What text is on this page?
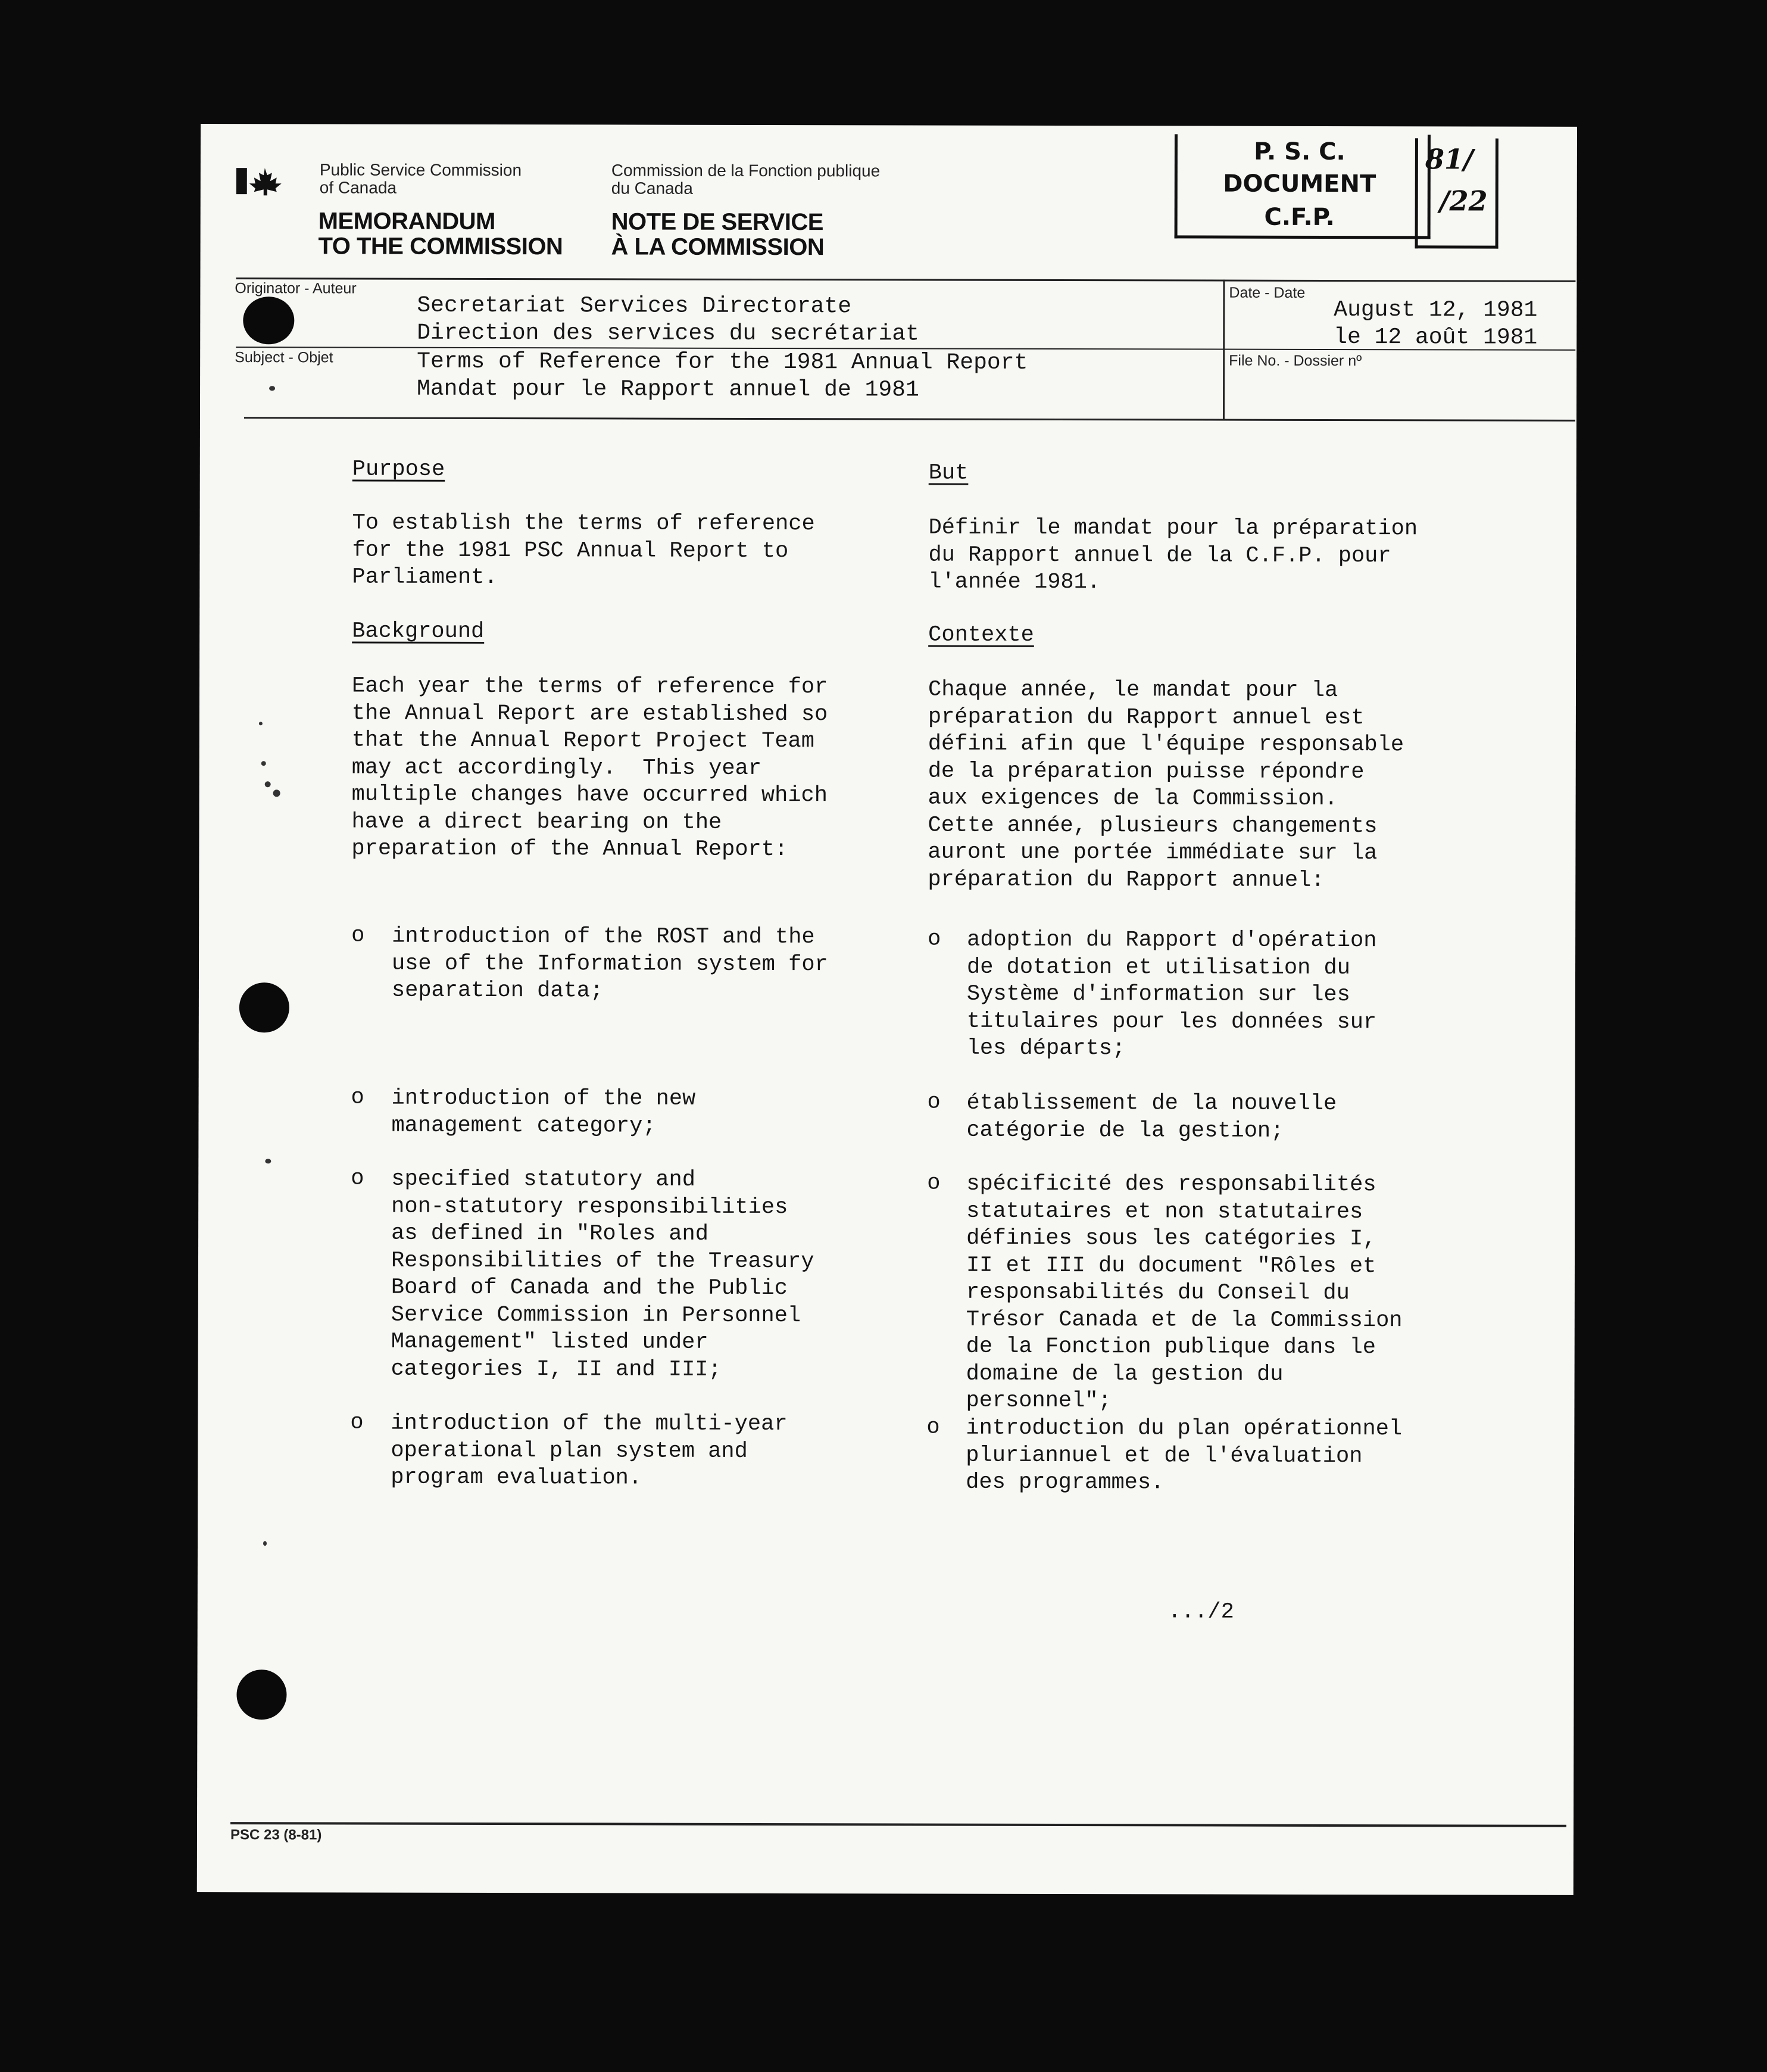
Public Service Commission
of Canada
Commission de la Fonction publique
du Canada
MEMORANDUM
TO THE COMMISSION
NOTE DE SERVICE
À LA COMMISSION
P. S. C.
DOCUMENT
C.F.P.
81/
/22
Originator - Auteur
Subject - Objet
Date - Date
File No. - Dossier nº
Secretariat Services Directorate
Direction des services du secrétariat
Terms of Reference for the 1981 Annual Report
Mandat pour le Rapport annuel de 1981
August 12, 1981
le 12 août 1981
Purpose
To establish the terms of reference
for the 1981 PSC Annual Report to
Parliament.
Background
Each year the terms of reference for
the Annual Report are established so
that the Annual Report Project Team
may act accordingly.  This year
multiple changes have occurred which
have a direct bearing on the
preparation of the Annual Report:
o introduction of the ROST and the
use of the Information system for
separation data;
o introduction of the new
management category;
o specified statutory and
non-statutory responsibilities
as defined in "Roles and
Responsibilities of the Treasury
Board of Canada and the Public
Service Commission in Personnel
Management" listed under
categories I, II and III;
o introduction of the multi-year
operational plan system and
program evaluation.
But
Définir le mandat pour la préparation
du Rapport annuel de la C.F.P. pour
l'année 1981.
Contexte
Chaque année, le mandat pour la
préparation du Rapport annuel est
défini afin que l'équipe responsable
de la préparation puisse répondre
aux exigences de la Commission.
Cette année, plusieurs changements
auront une portée immédiate sur la
préparation du Rapport annuel:
o adoption du Rapport d'opération
de dotation et utilisation du
Système d'information sur les
titulaires pour les données sur
les départs;
o établissement de la nouvelle
catégorie de la gestion;
o spécificité des responsabilités
statutaires et non statutaires
définies sous les catégories I,
II et III du document "Rôles et
responsabilités du Conseil du
Trésor Canada et de la Commission
de la Fonction publique dans le
domaine de la gestion du
personnel";
o introduction du plan opérationnel
pluriannuel et de l'évaluation
des programmes.
.../2
PSC 23 (8-81)
